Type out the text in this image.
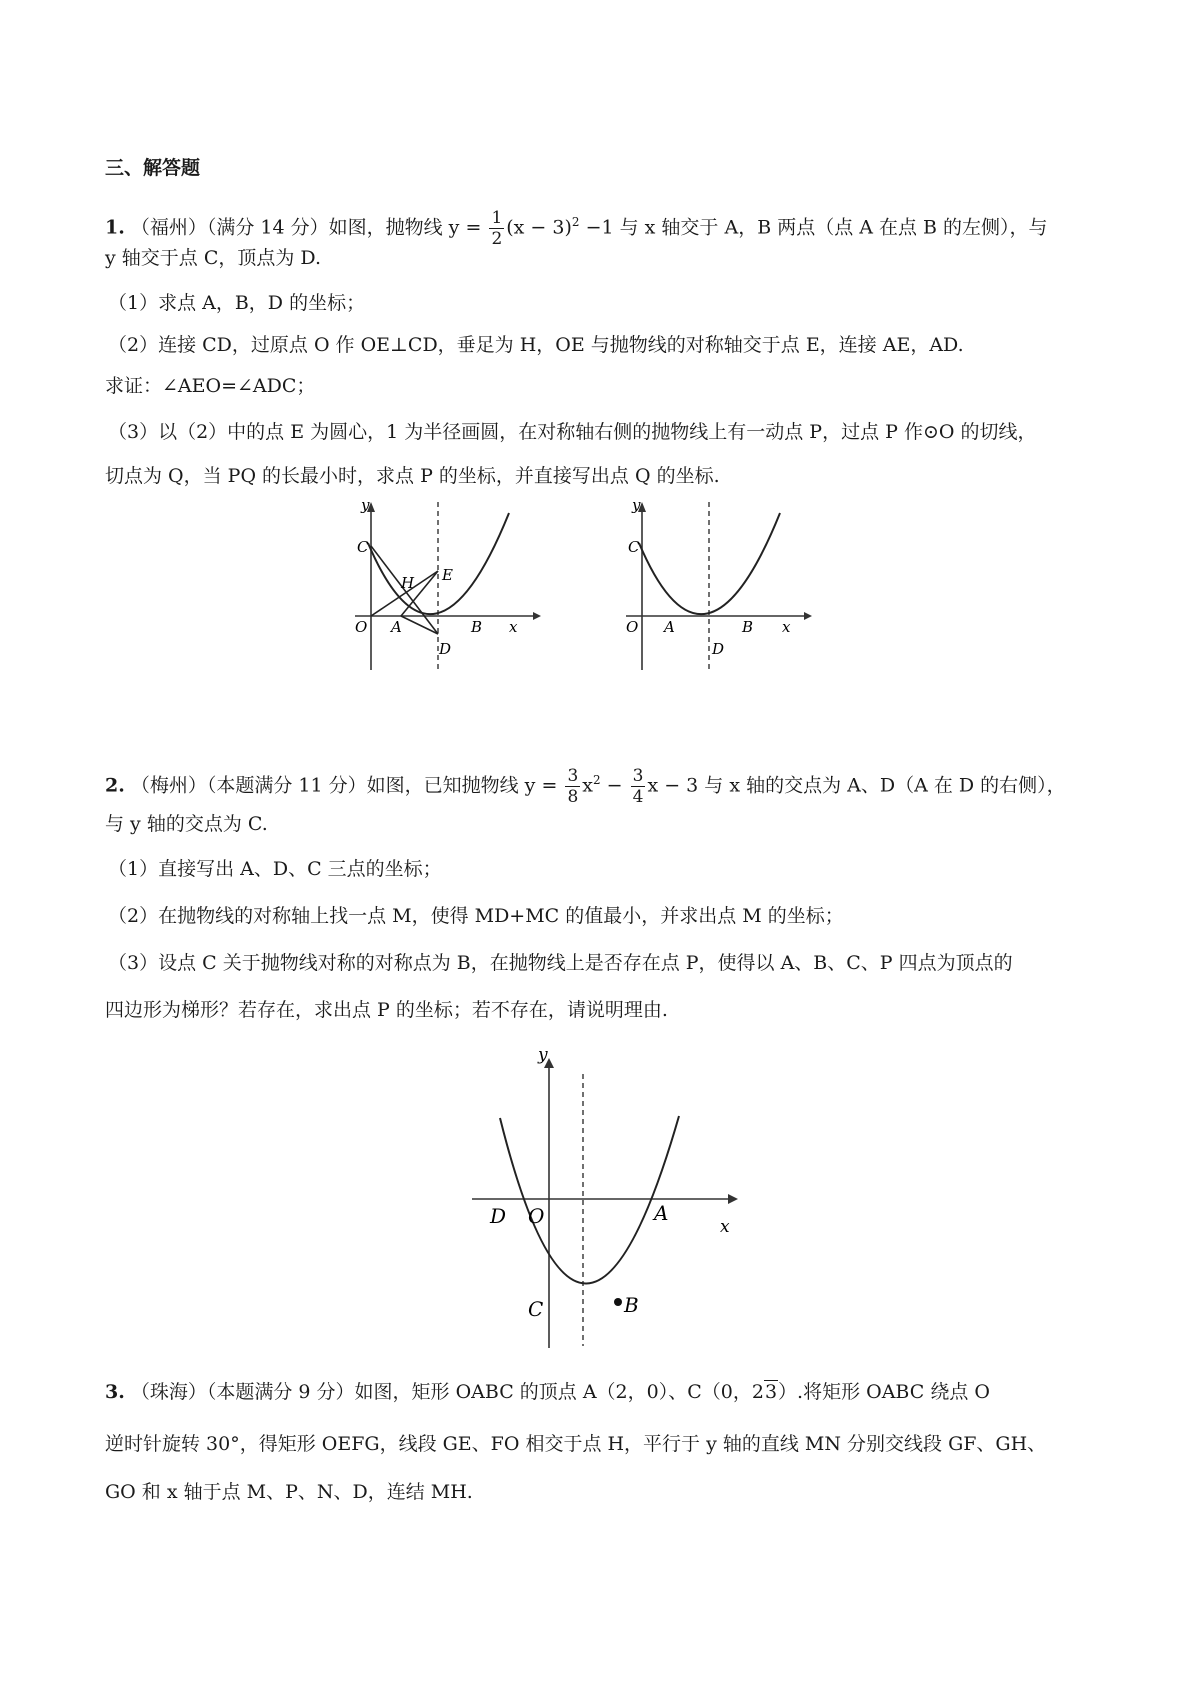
三、解答题
1. （福州）（满分 14 分）如图，抛物线 $y = \frac{1}{2} (x - 3)^2 -1$ 与 x 轴交于 A，B 两点（点 A 在点 B 的左侧），与
y 轴交于点 C，顶点为 D.
（1）求点 A，B，D 的坐标；
（2）连接 CD，过原点 O 作 OE⊥CD，垂足为 H，OE 与抛物线的对称轴交于点 E，连接 AE，AD.
求证：∠AEO=∠ADC；
（3）以（2）中的点 E 为圆心，1 为半径画圆，在对称轴右侧的抛物线上有一动点 P，过点 P 作⊙O 的切线，
切点为 Q，当 PQ 的长最小时，求点 P 的坐标，并直接写出点 Q 的坐标.
y
C
H E
O A	B x
D
y
C
O A	B x
D
2. （梅州）（本题满分 11 分）如图，已知抛物线 $y = \frac{3}{8} x^2 - \frac{3}{4}$ x − 3 与 x 轴的交点为 A、D（A 在 D 的右侧），
与 y 轴的交点为 C.
（1）直接写出 A、D、C 三点的坐标；
（2）在抛物线的对称轴上找一点 M，使得 MD+MC 的值最小，并求出点 M 的坐标；
（3）设点 C 关于抛物线对称的对称点为 B，在抛物线上是否存在点 P，使得以 A、B、C、P 四点为顶点的
四边形为梯形？若存在，求出点 P 的坐标；若不存在，请说明理由.
y
D O	A
x
C	B
3. （珠海）（本题满分 9 分）如图，矩形 OABC 的顶点 A（2，0）、C（0，23）.将矩形 OABC 绕点 O
逆时针旋转 30°，得矩形 OEFG，线段 GE、FO 相交于点 H，平行于 y 轴的直线 MN 分别交线段 GF、GH、
GO 和 x 轴于点 M、P、N、D，连结 MH.
